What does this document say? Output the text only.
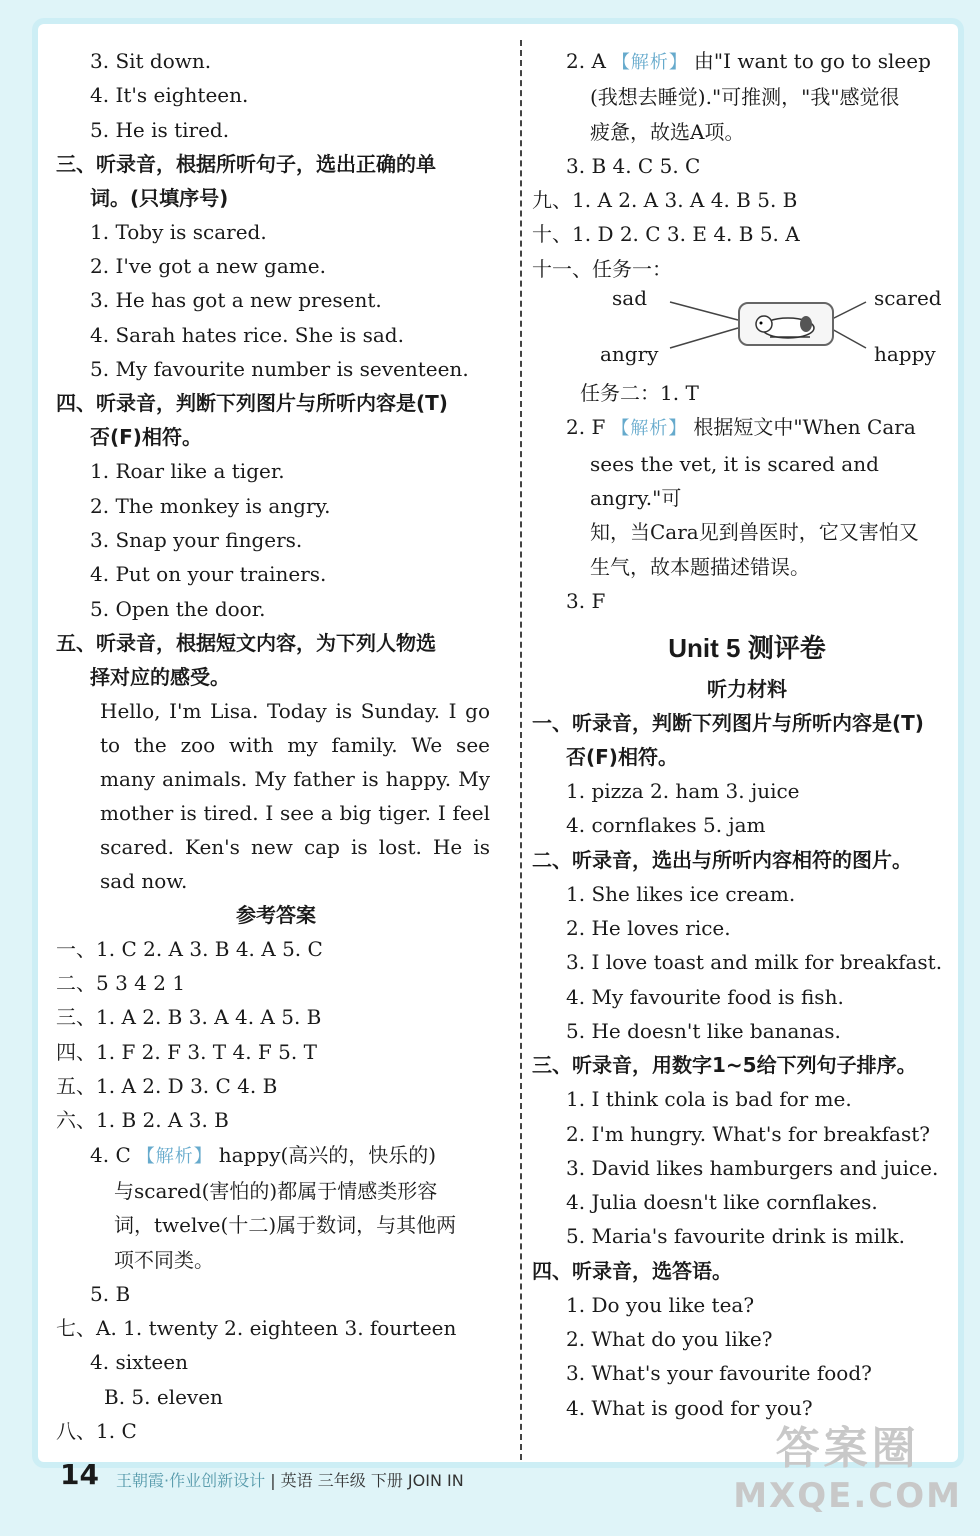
3. Sit down.
4. It's eighteen.
5. He is tired.
三、听录音，根据所听句子，选出正确的单
词。(只填序号)
1. Toby is scared.
2. I've got a new game.
3. He has got a new present.
4. Sarah hates rice. She is sad.
5. My favourite number is seventeen.
四、听录音，判断下列图片与所听内容是(T)
否(F)相符。
1. Roar like a tiger.
2. The monkey is angry.
3. Snap your fingers.
4. Put on your trainers.
5. Open the door.
五、听录音，根据短文内容，为下列人物选
择对应的感受。
Hello, I'm Lisa. Today is Sunday. I go to the zoo with my family. We see many animals. My father is happy. My mother is tired. I see a big tiger. I feel scared. Ken's new cap is lost. He is sad now.
参考答案
一、1. C 2. A 3. B 4. A 5. C
二、5 3 4 2 1
三、1. A 2. B 3. A 4. A 5. B
四、1. F 2. F 3. T 4. F 5. T
五、1. A 2. D 3. C 4. B
六、1. B 2. A 3. B
4. C 【解析】 happy(高兴的，快乐的)
与scared(害怕的)都属于情感类形容
词，twelve(十二)属于数词，与其他两
项不同类。
5. B
七、A. 1. twenty 2. eighteen 3. fourteen
4. sixteen
B. 5. eleven
八、1. C
2. A 【解析】 由"I want to go to sleep
(我想去睡觉)."可推测，"我"感觉很
疲惫，故选A项。
3. B 4. C 5. C
九、1. A 2. A 3. A 4. B 5. B
十、1. D 2. C 3. E 4. B 5. A
十一、任务一：
sad
angry
scared
happy
任务二：1. T
2. F 【解析】 根据短文中"When Cara
sees the vet, it is scared and angry."可
知，当Cara见到兽医时，它又害怕又
生气，故本题描述错误。
3. F
Unit 5 测评卷
听力材料
一、听录音，判断下列图片与所听内容是(T)
否(F)相符。
1. pizza 2. ham 3. juice
4. cornflakes 5. jam
二、听录音，选出与所听内容相符的图片。
1. She likes ice cream.
2. He loves rice.
3. I love toast and milk for breakfast.
4. My favourite food is fish.
5. He doesn't like bananas.
三、听录音，用数字1~5给下列句子排序。
1. I think cola is bad for me.
2. I'm hungry. What's for breakfast?
3. David likes hamburgers and juice.
4. Julia doesn't like cornflakes.
5. Maria's favourite drink is milk.
四、听录音，选答语。
1. Do you like tea?
2. What do you like?
3. What's your favourite food?
4. What is good for you?
14 王朝霞·作业创新设计 | 英语 三年级 下册 JOIN IN
答案圈
MXQE.COM
